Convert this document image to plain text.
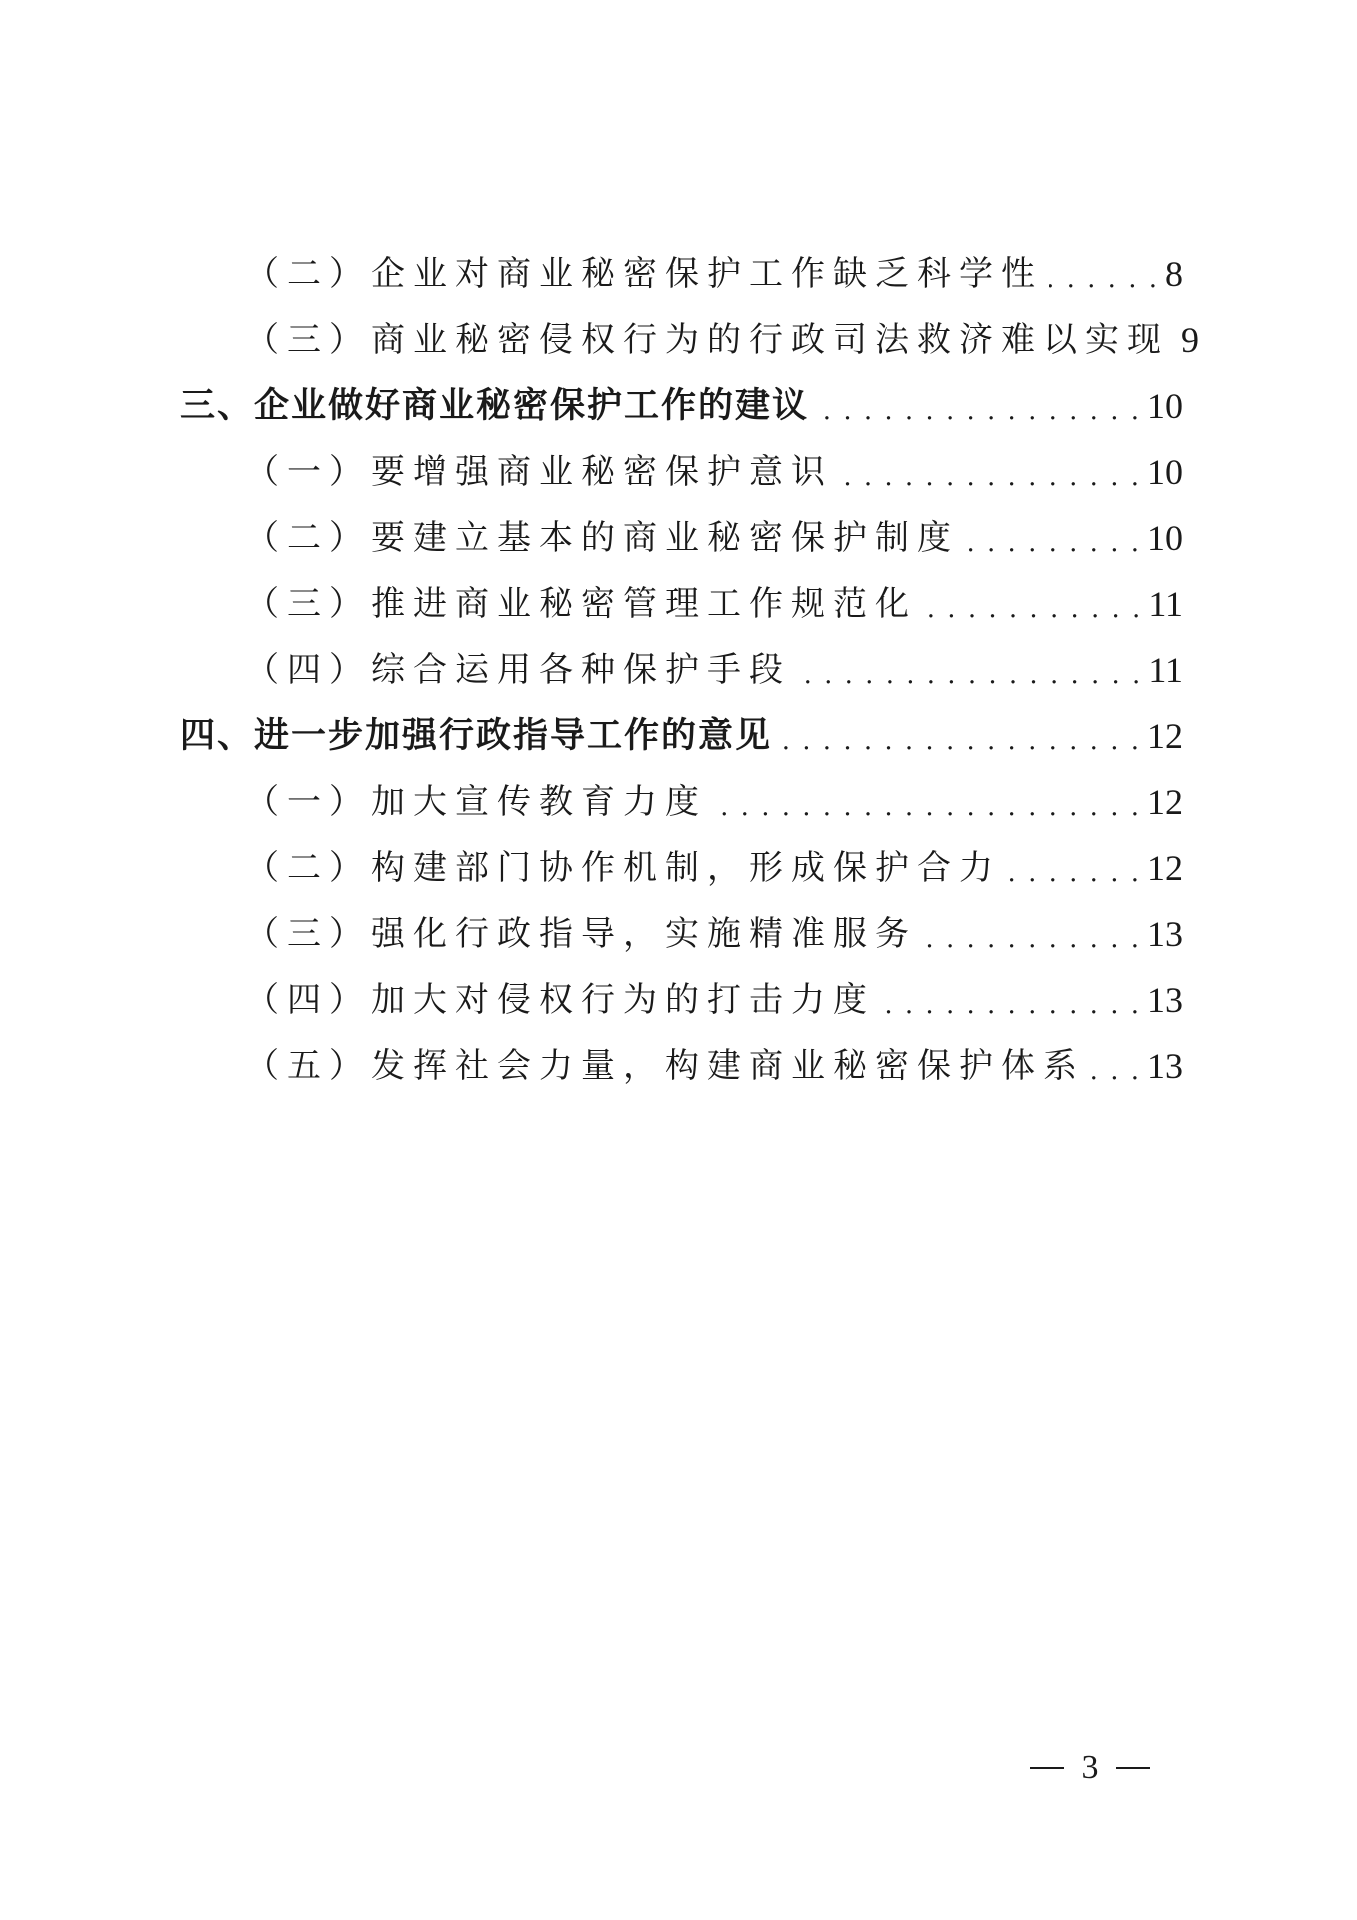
（二）企业对商业秘密保护工作缺乏科学性 . . .	8
（三）商业秘密侵权行为的行政司法救济难以实现 9
三、企业做好商业秘密保护工作的建议 . . .	10
（一）要增强商业秘密保护意识 . . .	10
（二）要建立基本的商业秘密保护制度 . . .	10
（三）推进商业秘密管理工作规范化 . . .	11
（四）综合运用各种保护手段 . . .	11
四、进一步加强行政指导工作的意见 . . .	12
（一）加大宣传教育力度 . . .	12
（二）构建部门协作机制，形成保护合力 . . .	12
（三）强化行政指导，实施精准服务 . . .	13
（四）加大对侵权行为的打击力度 . . .	13
（五）发挥社会力量，构建商业秘密保护体系 . . . 13
3
